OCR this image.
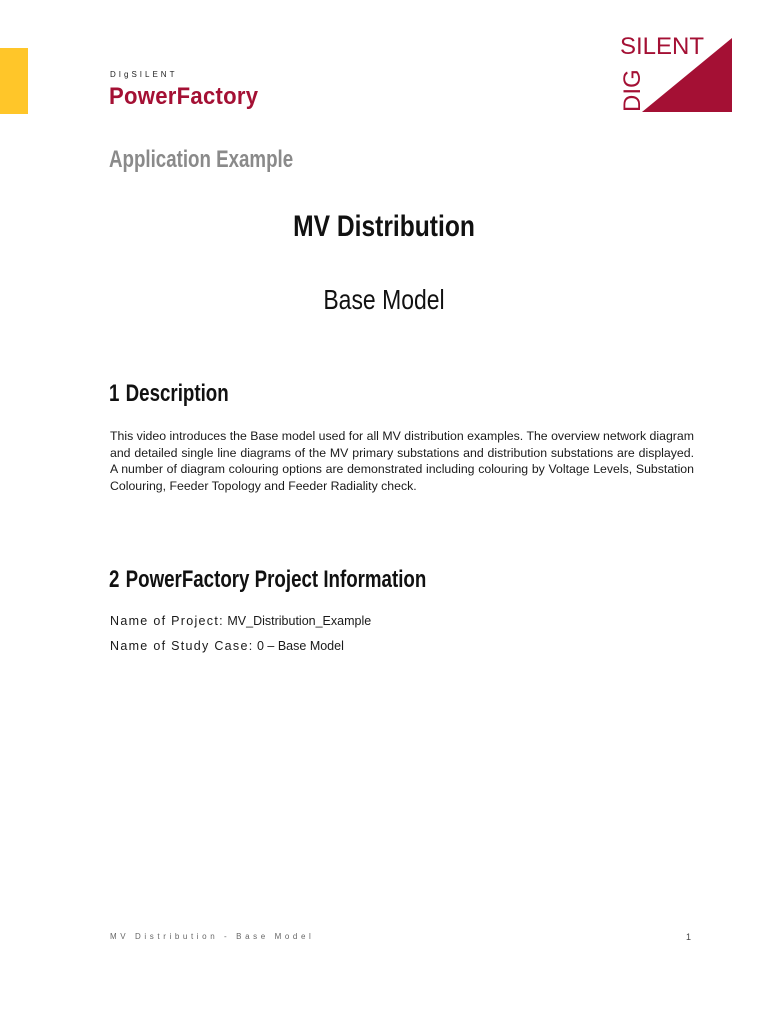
DIgSILENT
PowerFactory
SILENT
DIG
Application Example
MV Distribution
Base Model
1 Description
This video introduces the Base model used for all MV distribution examples. The overview network diagram and detailed single line diagrams of the MV primary substations and distribution substations are displayed. A number of diagram colouring options are demonstrated including colouring by Voltage Levels, Substation Colouring, Feeder Topology and Feeder Radiality check.
2 PowerFactory Project Information
Name of Project: MV_Distribution_Example
Name of Study Case: 0 – Base Model
MV Distribution - Base Model	1
